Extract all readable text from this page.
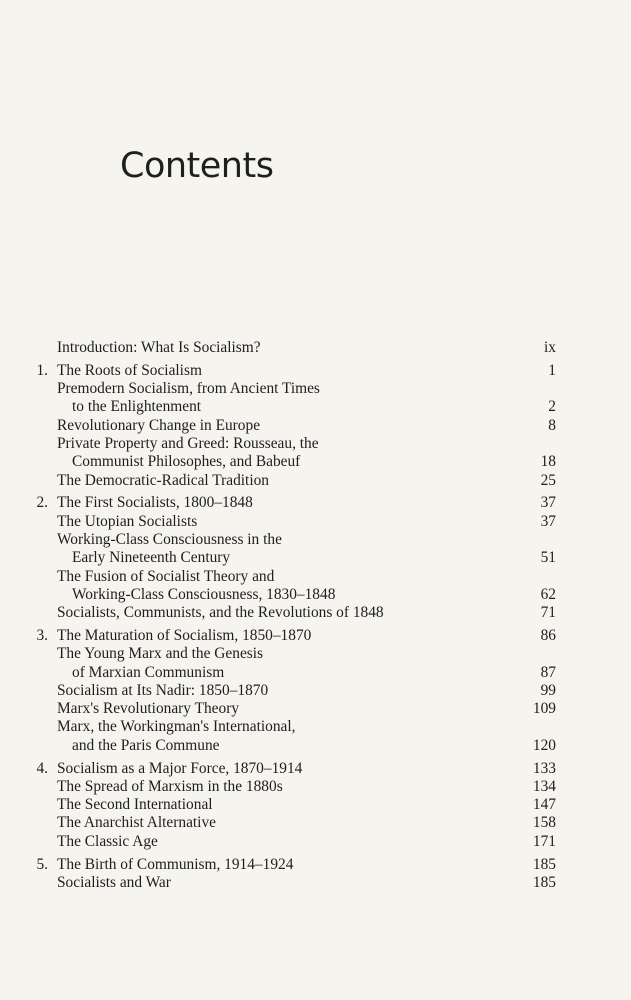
Contents
Introduction: What Is Socialism?	ix
1. The Roots of Socialism	1
Premodern Socialism, from Ancient Times
to the Enlightenment	2
Revolutionary Change in Europe	8
Private Property and Greed: Rousseau, the
Communist Philosophes, and Babeuf	18
The Democratic-Radical Tradition	25
2. The First Socialists, 1800–1848	37
The Utopian Socialists	37
Working-Class Consciousness in the
Early Nineteenth Century	51
The Fusion of Socialist Theory and
Working-Class Consciousness, 1830–1848	62
Socialists, Communists, and the Revolutions of 1848	71
3. The Maturation of Socialism, 1850–1870	86
The Young Marx and the Genesis
of Marxian Communism	87
Socialism at Its Nadir: 1850–1870	99
Marx's Revolutionary Theory	109
Marx, the Workingman's International,
and the Paris Commune	120
4. Socialism as a Major Force, 1870–1914	133
The Spread of Marxism in the 1880s	134
The Second International	147
The Anarchist Alternative	158
The Classic Age	171
5. The Birth of Communism, 1914–1924	185
Socialists and War	185
